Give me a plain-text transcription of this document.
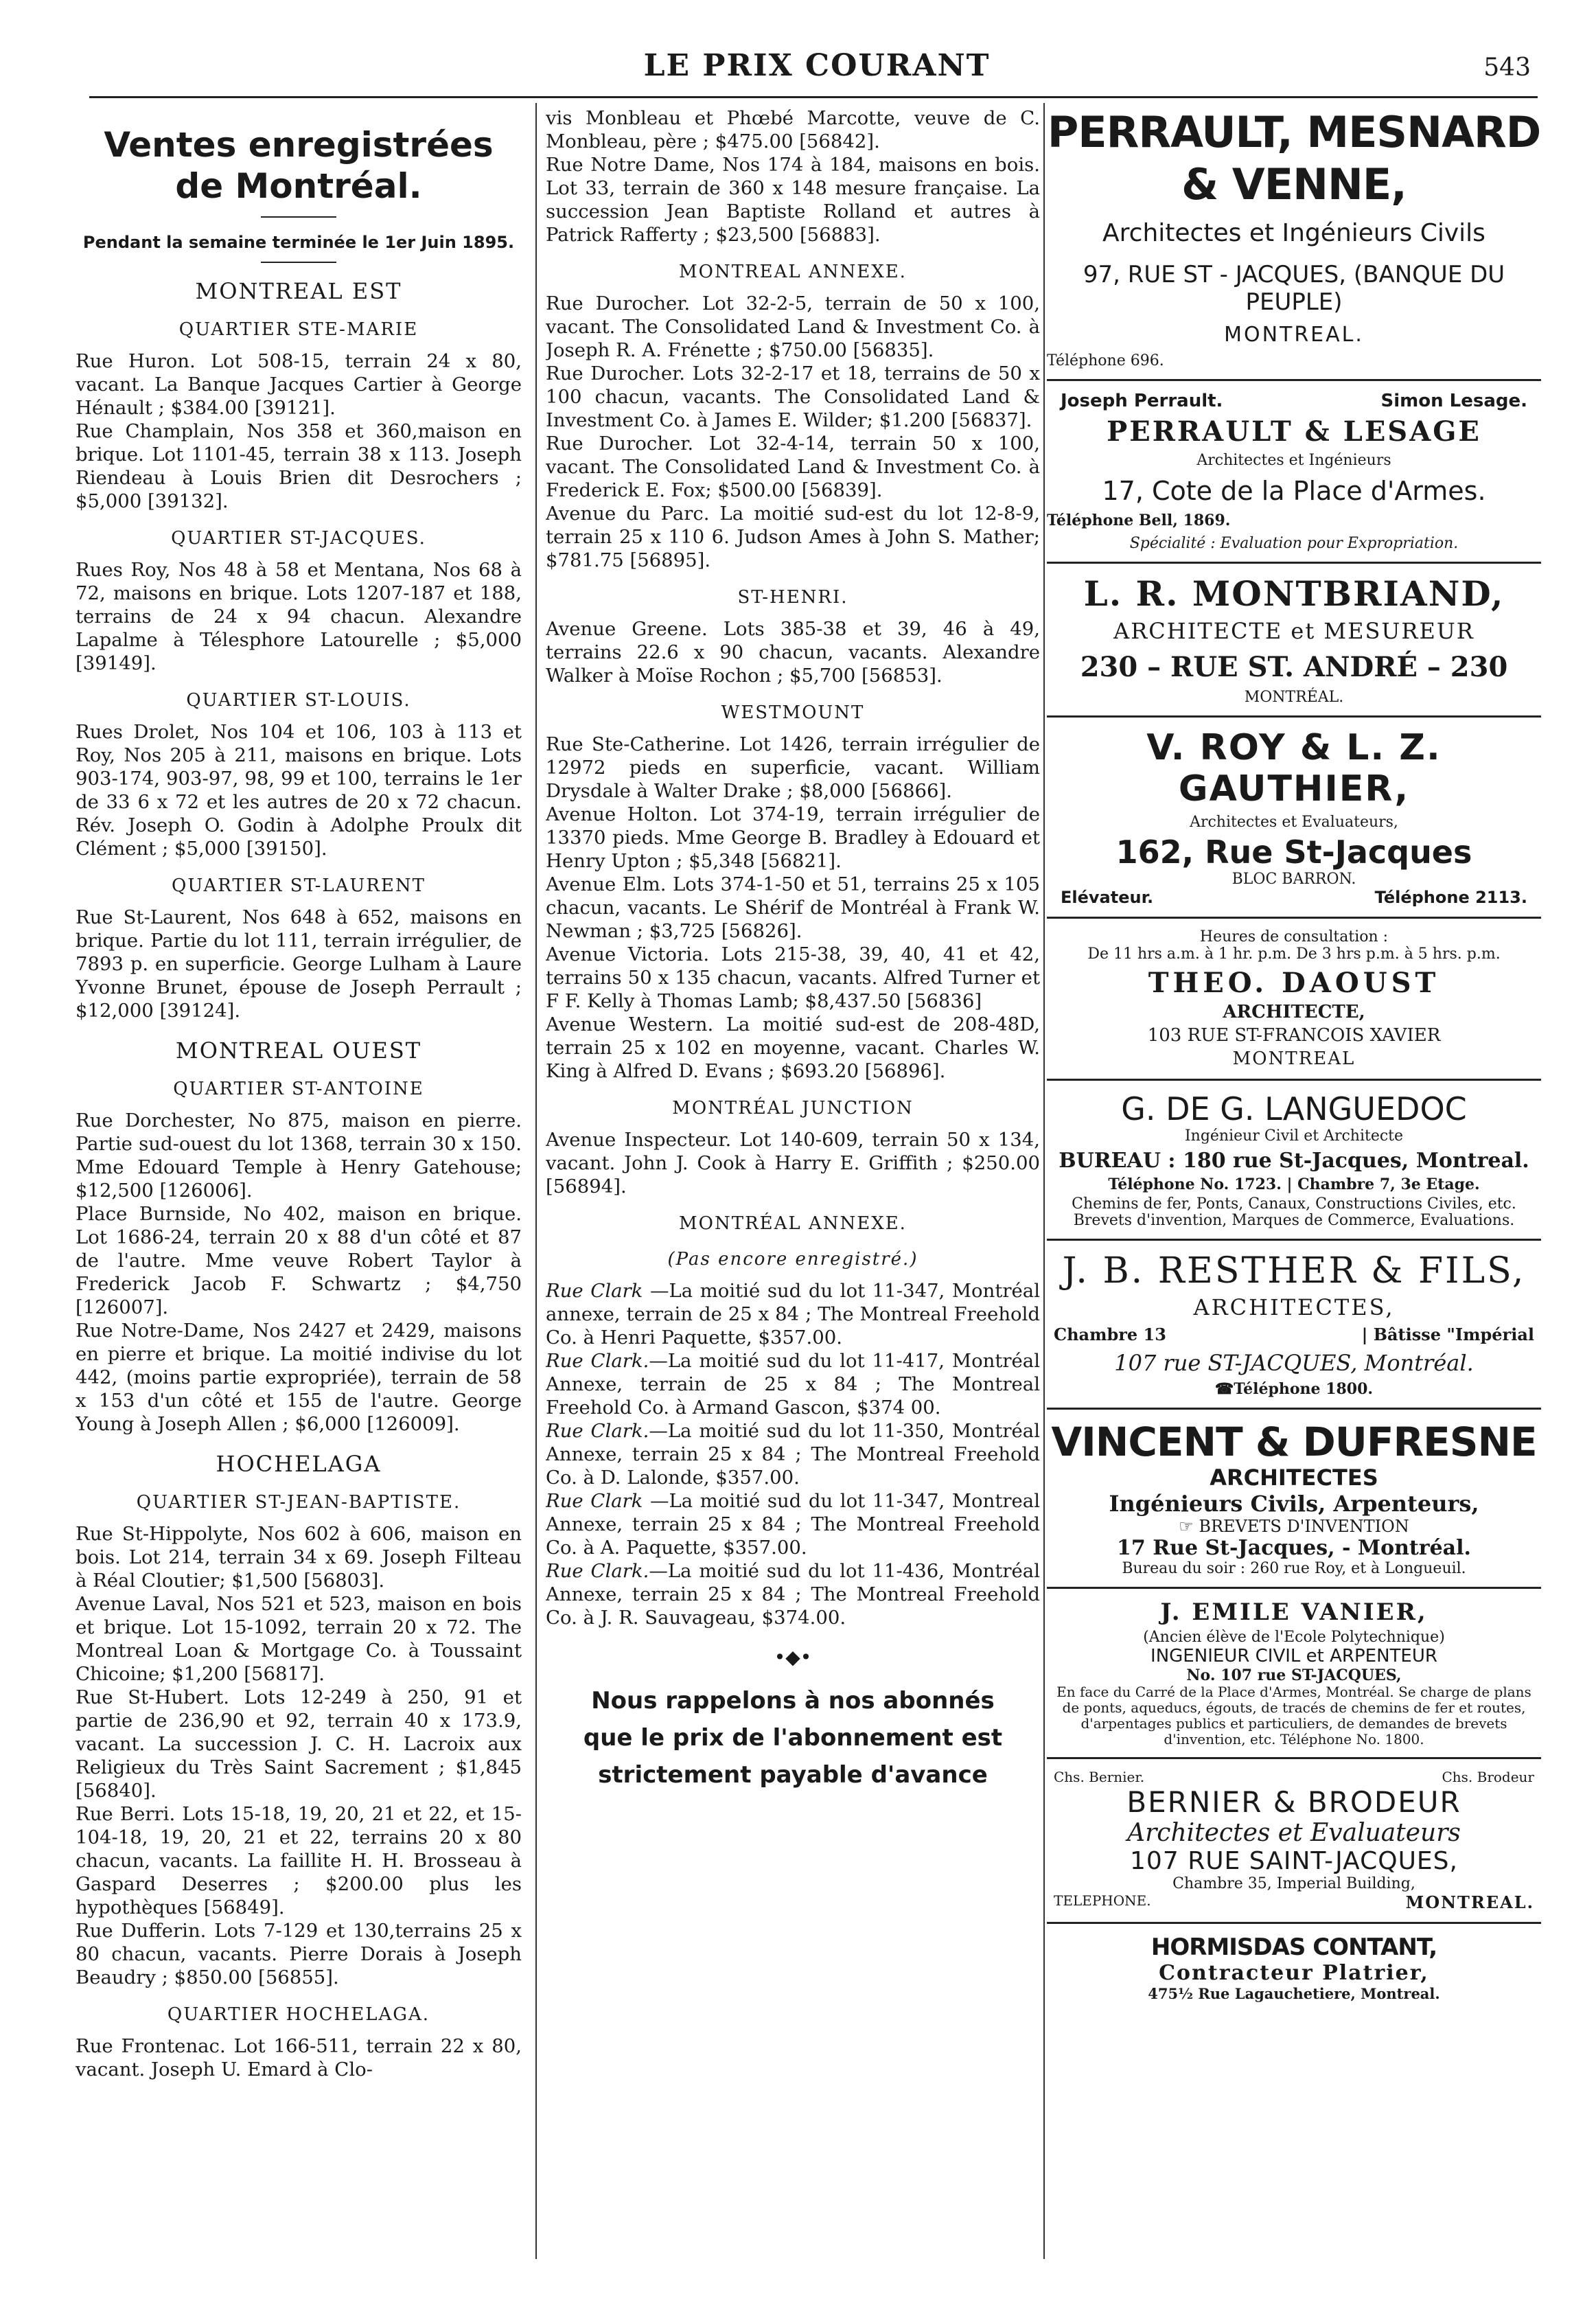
LE PRIX COURANT	543
Ventes enregistrées de Montréal.
Pendant la semaine terminée le 1er Juin 1895.
MONTREAL EST
QUARTIER STE-MARIE

Rue Huron. Lot 508-15, terrain 24 x 80, vacant. La Banque Jacques Cartier à George Hénault ; $384.00 [39121].

Rue Champlain, Nos 358 et 360,maison en brique. Lot 1101-45, terrain 38 x 113. Joseph Riendeau à Louis Brien dit Desrochers ; $5,000 [39132].

QUARTIER ST-JACQUES.

Rues Roy, Nos 48 à 58 et Mentana, Nos 68 à 72, maisons en brique. Lots 1207-187 et 188, terrains de 24 x 94 chacun. Alexandre Lapalme à Télesphore Latourelle ; $5,000 [39149].

QUARTIER ST-LOUIS.

Rues Drolet, Nos 104 et 106, 103 à 113 et Roy, Nos 205 à 211, maisons en brique. Lots 903-174, 903-97, 98, 99 et 100, terrains le 1er de 33 6 x 72 et les autres de 20 x 72 chacun. Rév. Joseph O. Godin à Adolphe Proulx dit Clément ; $5,000 [39150].

QUARTIER ST-LAURENT

Rue St-Laurent, Nos 648 à 652, maisons en brique. Partie du lot 111, terrain irrégulier, de 7893 p. en superficie. George Lulham à Laure Yvonne Brunet, épouse de Joseph Perrault ; $12,000 [39124].

MONTREAL OUEST
QUARTIER ST-ANTOINE

Rue Dorchester, No 875, maison en pierre. Partie sud-ouest du lot 1368, terrain 30 x 150. Mme Edouard Temple à Henry Gatehouse; $12,500 [126006].

Place Burnside, No 402, maison en brique. Lot 1686-24, terrain 20 x 88 d'un côté et 87 de l'autre. Mme veuve Robert Taylor à Frederick Jacob F. Schwartz ; $4,750 [126007].

Rue Notre-Dame, Nos 2427 et 2429, maisons en pierre et brique. La moitié indivise du lot 442, (moins partie expropriée), terrain de 58 x 153 d'un côté et 155 de l'autre. George Young à Joseph Allen ; $6,000 [126009].

HOCHELAGA
QUARTIER ST-JEAN-BAPTISTE.

Rue St-Hippolyte, Nos 602 à 606, maison en bois. Lot 214, terrain 34 x 69. Joseph Filteau à Réal Cloutier; $1,500 [56803].

Avenue Laval, Nos 521 et 523, maison en bois et brique. Lot 15-1092, terrain 20 x 72. The Montreal Loan & Mortgage Co. à Toussaint Chicoine; $1,200 [56817].

Rue St-Hubert. Lots 12-249 à 250, 91 et partie de 236,90 et 92, terrain 40 x 173.9, vacant. La succession J. C. H. Lacroix aux Religieux du Très Saint Sacrement ; $1,845 [56840].

Rue Berri. Lots 15-18, 19, 20, 21 et 22, et 15-104-18, 19, 20, 21 et 22, terrains 20 x 80 chacun, vacants. La faillite H. H. Brosseau à Gaspard Deserres ; $200.00 plus les hypothèques [56849].

Rue Dufferin. Lots 7-129 et 130,terrains 25 x 80 chacun, vacants. Pierre Dorais à Joseph Beaudry ; $850.00 [56855].

QUARTIER HOCHELAGA.

Rue Frontenac. Lot 166-511, terrain 22 x 80, vacant. Joseph U. Emard à Clo-

vis Monbleau et Phœbé Marcotte, veuve de C. Monbleau, père ; $475.00 [56842].

Rue Notre Dame, Nos 174 à 184, maisons en bois. Lot 33, terrain de 360 x 148 mesure française. La succession Jean Baptiste Rolland et autres à Patrick Rafferty ; $23,500 [56883].

MONTREAL ANNEXE.

Rue Durocher. Lot 32-2-5, terrain de 50 x 100, vacant. The Consolidated Land & Investment Co. à Joseph R. A. Frénette ; $750.00 [56835].

Rue Durocher. Lots 32-2-17 et 18, terrains de 50 x 100 chacun, vacants. The Consolidated Land & Investment Co. à James E. Wilder; $1.200 [56837].

Rue Durocher. Lot 32-4-14, terrain 50 x 100, vacant. The Consolidated Land & Investment Co. à Frederick E. Fox; $500.00 [56839].

Avenue du Parc. La moitié sud-est du lot 12-8-9, terrain 25 x 110 6. Judson Ames à John S. Mather; $781.75 [56895].

ST-HENRI.

Avenue Greene. Lots 385-38 et 39, 46 à 49, terrains 22.6 x 90 chacun, vacants. Alexandre Walker à Moïse Rochon ; $5,700 [56853].

WESTMOUNT

Rue Ste-Catherine. Lot 1426, terrain irrégulier de 12972 pieds en superficie, vacant. William Drysdale à Walter Drake ; $8,000 [56866].

Avenue Holton. Lot 374-19, terrain irrégulier de 13370 pieds. Mme George B. Bradley à Edouard et Henry Upton ; $5,348 [56821].

Avenue Elm. Lots 374-1-50 et 51, terrains 25 x 105 chacun, vacants. Le Shérif de Montréal à Frank W. Newman ; $3,725 [56826].

Avenue Victoria. Lots 215-38, 39, 40, 41 et 42, terrains 50 x 135 chacun, vacants. Alfred Turner et F F. Kelly à Thomas Lamb; $8,437.50 [56836]

Avenue Western. La moitié sud-est de 208-48D, terrain 25 x 102 en moyenne, vacant. Charles W. King à Alfred D. Evans ; $693.20 [56896].

MONTRÉAL JUNCTION

Avenue Inspecteur. Lot 140-609, terrain 50 x 134, vacant. John J. Cook à Harry E. Griffith ; $250.00 [56894].

MONTRÉAL ANNEXE.
(Pas encore enregistré.)

Rue Clark —La moitié sud du lot 11-347, Montréal annexe, terrain de 25 x 84 ; The Montreal Freehold Co. à Henri Paquette, $357.00.

Rue Clark.—La moitié sud du lot 11-417, Montréal Annexe, terrain de 25 x 84 ; The Montreal Freehold Co. à Armand Gascon, $374 00.

Rue Clark.—La moitié sud du lot 11-350, Montréal Annexe, terrain 25 x 84 ; The Montreal Freehold Co. à D. Lalonde, $357.00.

Rue Clark —La moitié sud du lot 11-347, Montreal Annexe, terrain 25 x 84 ; The Montreal Freehold Co. à A. Paquette, $357.00.

Rue Clark.—La moitié sud du lot 11-436, Montréal Annexe, terrain 25 x 84 ; The Montreal Freehold Co. à J. R. Sauvageau, $374.00.

•◆•
Nous rappelons à nos abonnés
que le prix de l'abonnement est
strictement payable d'avance
PERRAULT, MESNARD & VENNE,
Architectes et Ingénieurs Civils
97, RUE ST - JACQUES, (BANQUE DU PEUPLE)
MONTREAL.
Téléphone 696.
Joseph Perrault.	Simon Lesage.
PERRAULT & LESAGE
Architectes et Ingénieurs
17, Cote de la Place d'Armes.
Téléphone Bell, 1869.
Spécialité : Evaluation pour Expropriation.
L. R. MONTBRIAND,
ARCHITECTE et MESUREUR
230 – RUE ST. ANDRÉ – 230
MONTRÉAL.
V. ROY & L. Z. GAUTHIER,
Architectes et Evaluateurs,
162, Rue St-Jacques
BLOC BARRON.
Elévateur.	Téléphone 2113.
Heures de consultation :
De 11 hrs a.m. à 1 hr. p.m. De 3 hrs p.m. à 5 hrs. p.m.
THEO. DAOUST
ARCHITECTE,
103 RUE ST-FRANCOIS XAVIER
MONTREAL
G. DE G. LANGUEDOC
Ingénieur Civil et Architecte
BUREAU : 180 rue St-Jacques, Montreal.
Téléphone No. 1723. | Chambre 7, 3e Etage.
Chemins de fer, Ponts, Canaux, Constructions Civiles, etc. Brevets d'invention, Marques de Commerce, Evaluations.
J. B. RESTHER & FILS,
ARCHITECTES,
Chambre 13	| Bâtisse "Impérial
107 rue ST-JACQUES, Montréal.
☎Téléphone 1800.
VINCENT & DUFRESNE
ARCHITECTES
Ingénieurs Civils, Arpenteurs,
☞ BREVETS D'INVENTION
17 Rue St-Jacques, - Montréal.
Bureau du soir : 260 rue Roy, et à Longueuil.
J. EMILE VANIER,
(Ancien élève de l'Ecole Polytechnique)
INGENIEUR CIVIL et ARPENTEUR
No. 107 rue ST-JACQUES,
En face du Carré de la Place d'Armes, Montréal. Se charge de plans de ponts, aqueducs, égouts, de tracés de chemins de fer et routes, d'arpentages publics et particuliers, de demandes de brevets d'invention, etc. Téléphone No. 1800.
Chs. Bernier.	Chs. Brodeur
BERNIER & BRODEUR
Architectes et Evaluateurs
107 RUE SAINT-JACQUES,
Chambre 35, Imperial Building,
TELEPHONE.	MONTREAL.
HORMISDAS CONTANT,
Contracteur Platrier,
475½ Rue Lagauchetiere, Montreal.
